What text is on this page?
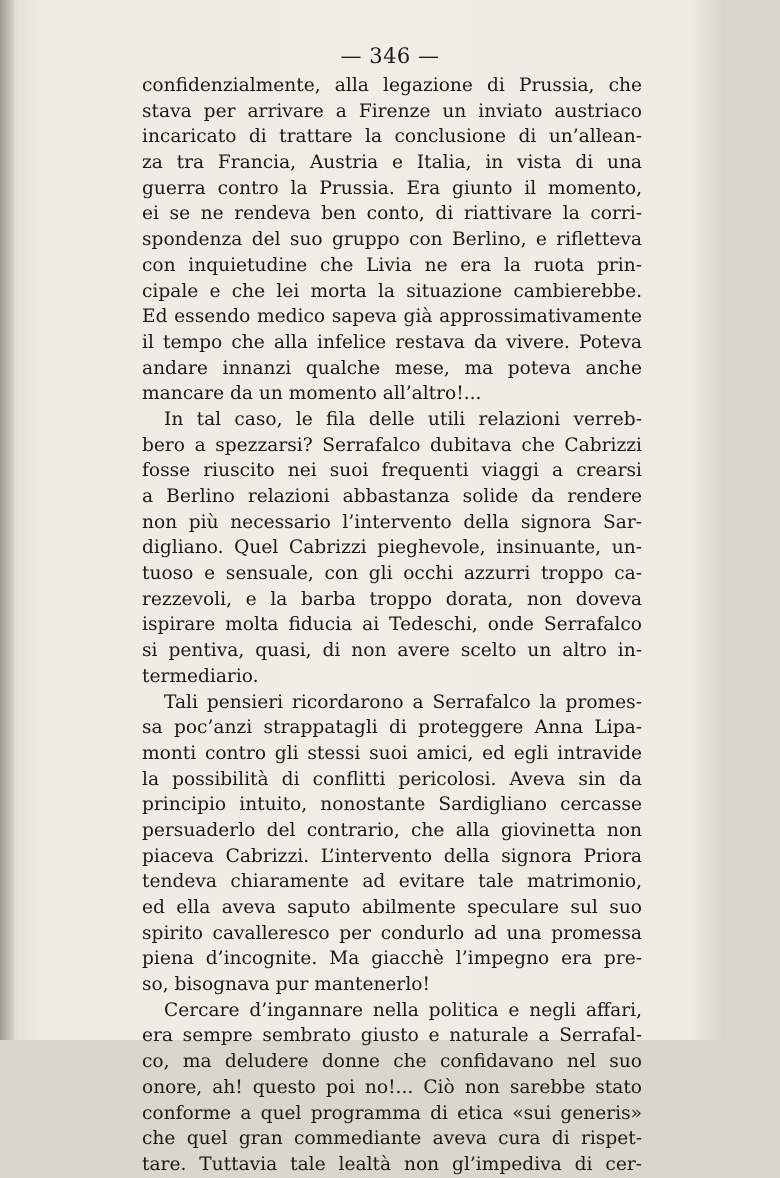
— 346 —
confidenzialmente, alla legazione di Prussia, che
stava per arrivare a Firenze un inviato austriaco
incaricato di trattare la conclusione di un’allean-
za tra Francia, Austria e Italia, in vista di una
guerra contro la Prussia. Era giunto il momento,
ei se ne rendeva ben conto, di riattivare la corri-
spondenza del suo gruppo con Berlino, e rifletteva
con inquietudine che Livia ne era la ruota prin-
cipale e che lei morta la situazione cambierebbe.
Ed essendo medico sapeva già approssimativamente
il tempo che alla infelice restava da vivere. Poteva
andare innanzi qualche mese, ma poteva anche
mancare da un momento all’altro!...
In tal caso, le fila delle utili relazioni verreb-
bero a spezzarsi? Serrafalco dubitava che Cabrizzi
fosse riuscito nei suoi frequenti viaggi a crearsi
a Berlino relazioni abbastanza solide da rendere
non più necessario l’intervento della signora Sar-
digliano. Quel Cabrizzi pieghevole, insinuante, un-
tuoso e sensuale, con gli occhi azzurri troppo ca-
rezzevoli, e la barba troppo dorata, non doveva
ispirare molta fiducia ai Tedeschi, onde Serrafalco
si pentiva, quasi, di non avere scelto un altro in-
termediario.
Tali pensieri ricordarono a Serrafalco la promes-
sa poc’anzi strappatagli di proteggere Anna Lipa-
monti contro gli stessi suoi amici, ed egli intravide
la possibilità di conflitti pericolosi. Aveva sin da
principio intuito, nonostante Sardigliano cercasse
persuaderlo del contrario, che alla giovinetta non
piaceva Cabrizzi. L’intervento della signora Priora
tendeva chiaramente ad evitare tale matrimonio,
ed ella aveva saputo abilmente speculare sul suo
spirito cavalleresco per condurlo ad una promessa
piena d’incognite. Ma giacchè l’impegno era pre-
so, bisognava pur mantenerlo!
Cercare d’ingannare nella politica e negli affari,
era sempre sembrato giusto e naturale a Serrafal-
co, ma deludere donne che confidavano nel suo
onore, ah! questo poi no!... Ciò non sarebbe stato
conforme a quel programma di etica «sui generis»
che quel gran commediante aveva cura di rispet-
tare. Tuttavia tale lealtà non gl’impediva di cer-
